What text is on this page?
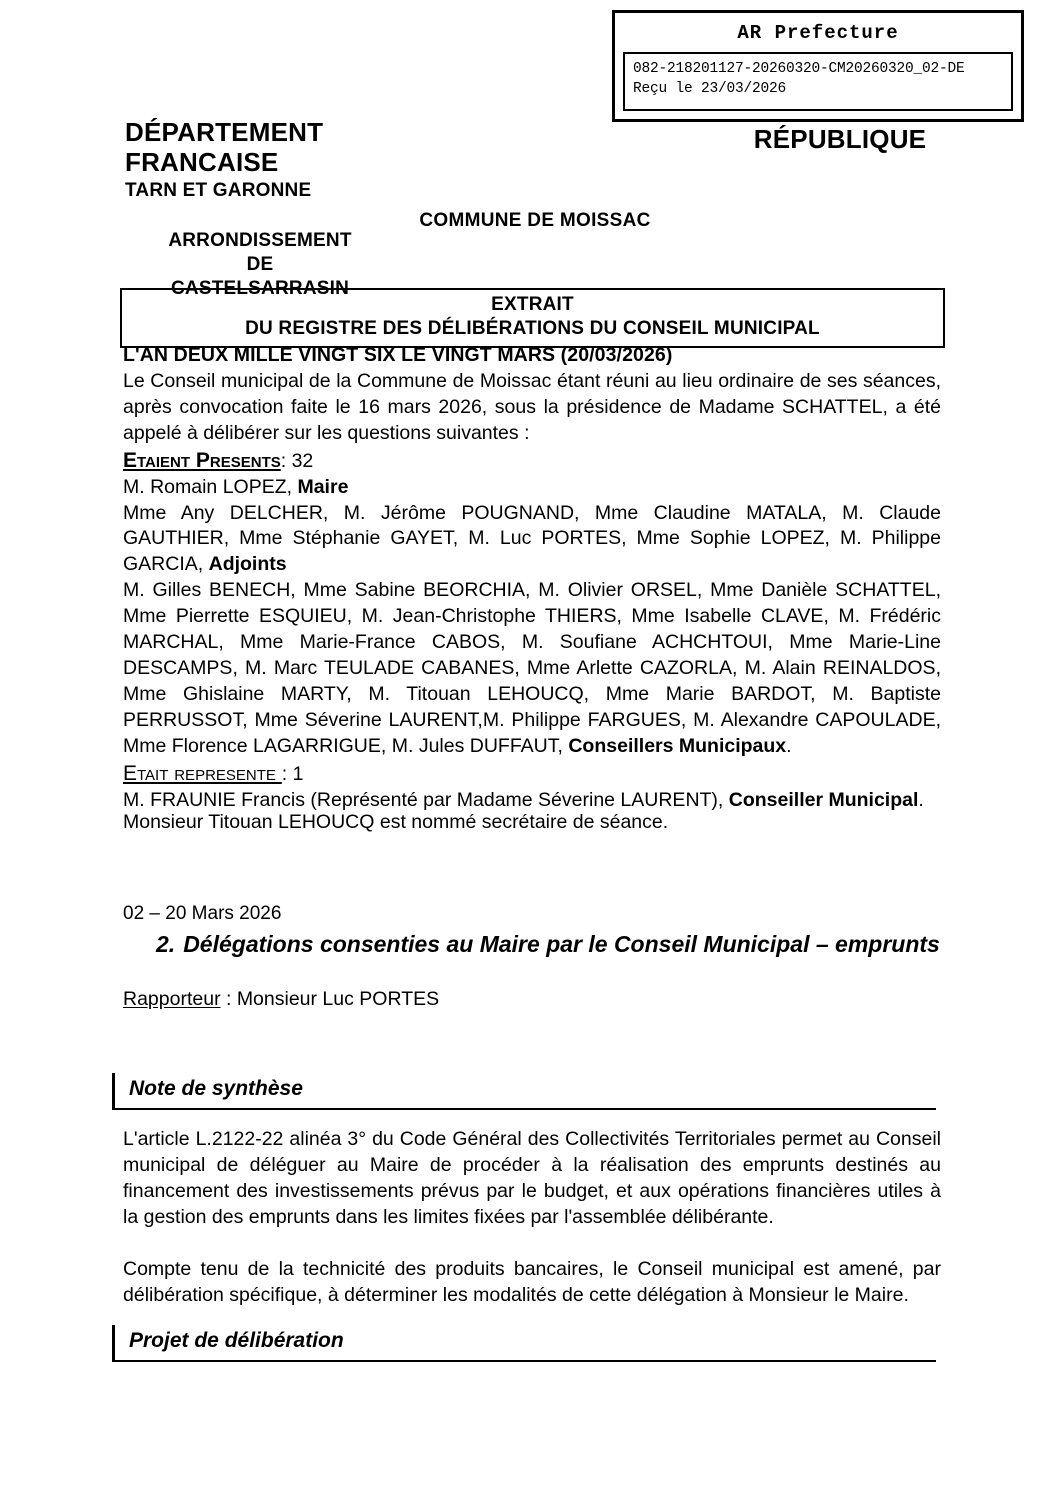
AR Prefecture
082-218201127-20260320-CM20260320_02-DE
Reçu le 23/03/2026
DÉPARTEMENT
FRANCAISE
TARN ET GARONNE
ARRONDISSEMENT
DE
CASTELSARRASIN
RÉPUBLIQUE
COMMUNE DE MOISSAC
EXTRAIT
DU REGISTRE DES DÉLIBÉRATIONS DU CONSEIL MUNICIPAL

L'AN DEUX MILLE VINGT SIX LE VINGT MARS (20/03/2026)

Le Conseil municipal de la Commune de Moissac étant réuni au lieu ordinaire de ses séances, après convocation faite le 16 mars 2026, sous la présidence de Madame SCHATTEL, a été appelé à délibérer sur les questions suivantes :

Etaient Presents: 32

M. Romain LOPEZ, Maire

Mme Any DELCHER, M. Jérôme POUGNAND, Mme Claudine MATALA, M. Claude GAUTHIER, Mme Stéphanie GAYET, M. Luc PORTES, Mme Sophie LOPEZ, M. Philippe GARCIA, Adjoints

M. Gilles BENECH, Mme Sabine BEORCHIA, M. Olivier ORSEL, Mme Danièle SCHATTEL, Mme Pierrette ESQUIEU, M. Jean-Christophe THIERS, Mme Isabelle CLAVE, M. Frédéric MARCHAL, Mme Marie-France CABOS, M. Soufiane ACHCHTOUI, Mme Marie-Line DESCAMPS, M. Marc TEULADE CABANES, Mme Arlette CAZORLA, M. Alain REINALDOS, Mme Ghislaine MARTY, M. Titouan LEHOUCQ, Mme Marie BARDOT, M. Baptiste PERRUSSOT, Mme Séverine LAURENT,M. Philippe FARGUES, M. Alexandre CAPOULADE, Mme Florence LAGARRIGUE, M. Jules DUFFAUT, Conseillers Municipaux.

Etait represente : 1

M. FRAUNIE Francis (Représenté par Madame Séverine LAURENT), Conseiller Municipal.

Monsieur Titouan LEHOUCQ est nommé secrétaire de séance.
02 – 20 Mars 2026
2. Délégations consenties au Maire par le Conseil Municipal – emprunts
Rapporteur : Monsieur Luc PORTES
Note de synthèse

L'article L.2122-22 alinéa 3° du Code Général des Collectivités Territoriales permet au Conseil municipal de déléguer au Maire de procéder à la réalisation des emprunts destinés au financement des investissements prévus par le budget, et aux opérations financières utiles à la gestion des emprunts dans les limites fixées par l'assemblée délibérante.

Compte tenu de la technicité des produits bancaires, le Conseil municipal est amené, par délibération spécifique, à déterminer les modalités de cette délégation à Monsieur le Maire.

Projet de délibération
